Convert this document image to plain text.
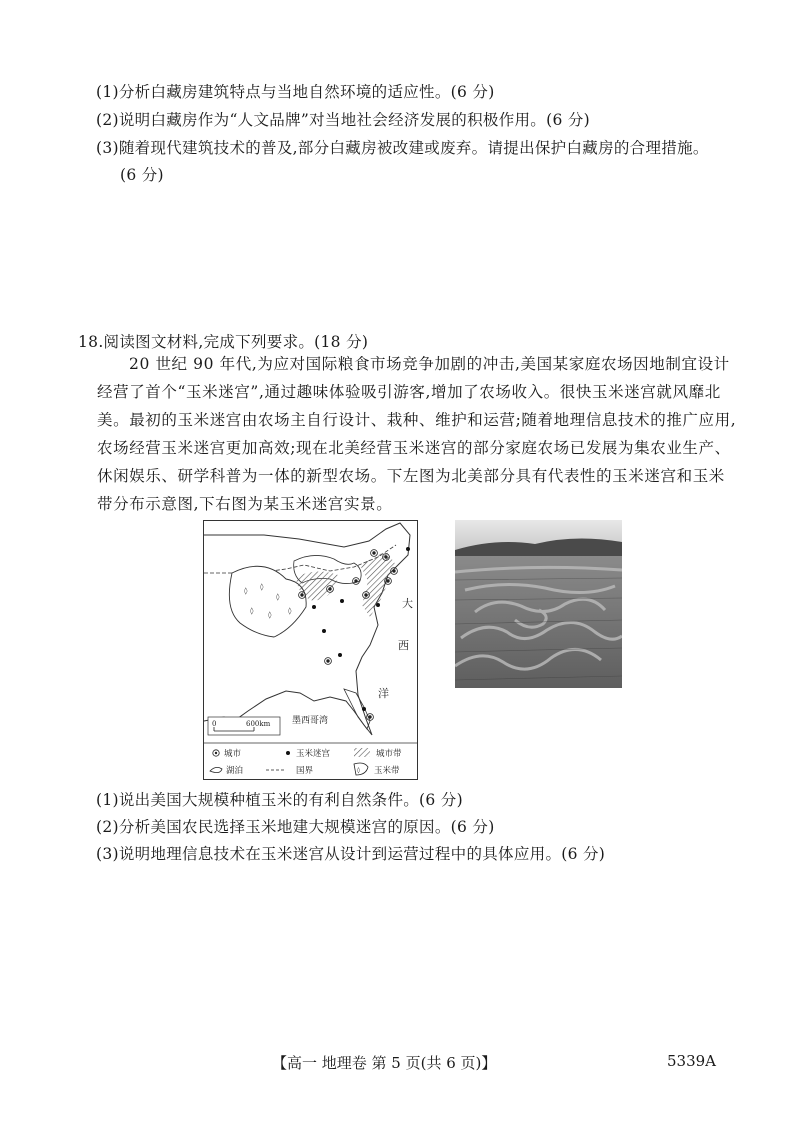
(1)分析白藏房建筑特点与当地自然环境的适应性。(6 分)
(2)说明白藏房作为“人文品牌”对当地社会经济发展的积极作用。(6 分)
(3)随着现代建筑技术的普及,部分白藏房被改建或废弃。请提出保护白藏房的合理措施。
(6 分)
18.阅读图文材料,完成下列要求。(18 分)

20 世纪 90 年代,为应对国际粮食市场竞争加剧的冲击,美国某家庭农场因地制宜设计

经营了首个“玉米迷宫”,通过趣味体验吸引游客,增加了农场收入。很快玉米迷宫就风靡北

美。最初的玉米迷宫由农场主自行设计、栽种、维护和运营;随着地理信息技术的推广应用,

农场经营玉米迷宫更加高效;现在北美经营玉米迷宫的部分家庭农场已发展为集农业生产、

休闲娱乐、研学科普为一体的新型农场。下左图为北美部分具有代表性的玉米迷宫和玉米

带分布示意图,下右图为某玉米迷宫实景。

◊ ◊
◊
◊ ◊ ◊
大
西
洋
墨西哥湾
0	600km
城市	玉米迷宫	城市带
湖泊	国界	◊ 玉米带
(1)说出美国大规模种植玉米的有利自然条件。(6 分)
(2)分析美国农民选择玉米地建大规模迷宫的原因。(6 分)
(3)说明地理信息技术在玉米迷宫从设计到运营过程中的具体应用。(6 分)
【高一 地理卷 第 5 页(共 6 页)】	5339A
